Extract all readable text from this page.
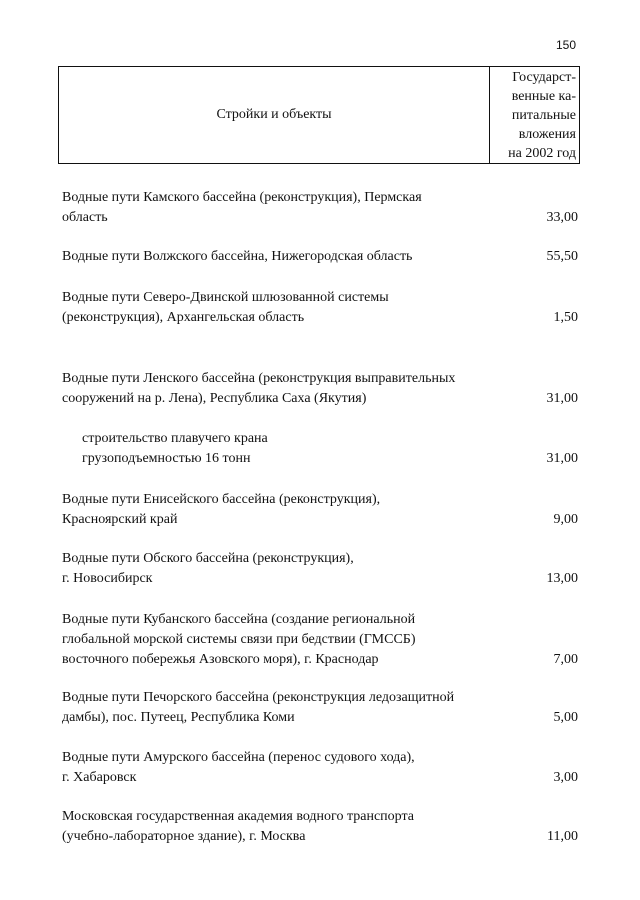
150
Стройки и объекты
Государст-
венные ка-
питальные
вложения
на 2002 год
Водные пути Камского бассейна (реконструкция), Пермская
область	33,00
Водные пути Волжского бассейна, Нижегородская область	55,50
Водные пути Северо-Двинской шлюзованной системы
(реконструкция), Архангельская область	1,50
Водные пути Ленского бассейна (реконструкция выправительных
сооружений на р. Лена), Республика Саха (Якутия)	31,00
строительство плавучего крана
грузоподъемностью 16 тонн	31,00
Водные пути Енисейского бассейна (реконструкция),
Красноярский край	9,00
Водные пути Обского бассейна (реконструкция),
г. Новосибирск	13,00
Водные пути Кубанского бассейна (создание региональной
глобальной морской системы связи при бедствии (ГМССБ)
восточного побережья Азовского моря), г. Краснодар	7,00
Водные пути Печорского бассейна (реконструкция ледозащитной
дамбы), пос. Путеец, Республика Коми	5,00
Водные пути Амурского бассейна (перенос судового хода),
г. Хабаровск	3,00
Московская государственная академия водного транспорта
(учебно-лабораторное здание), г. Москва	11,00
